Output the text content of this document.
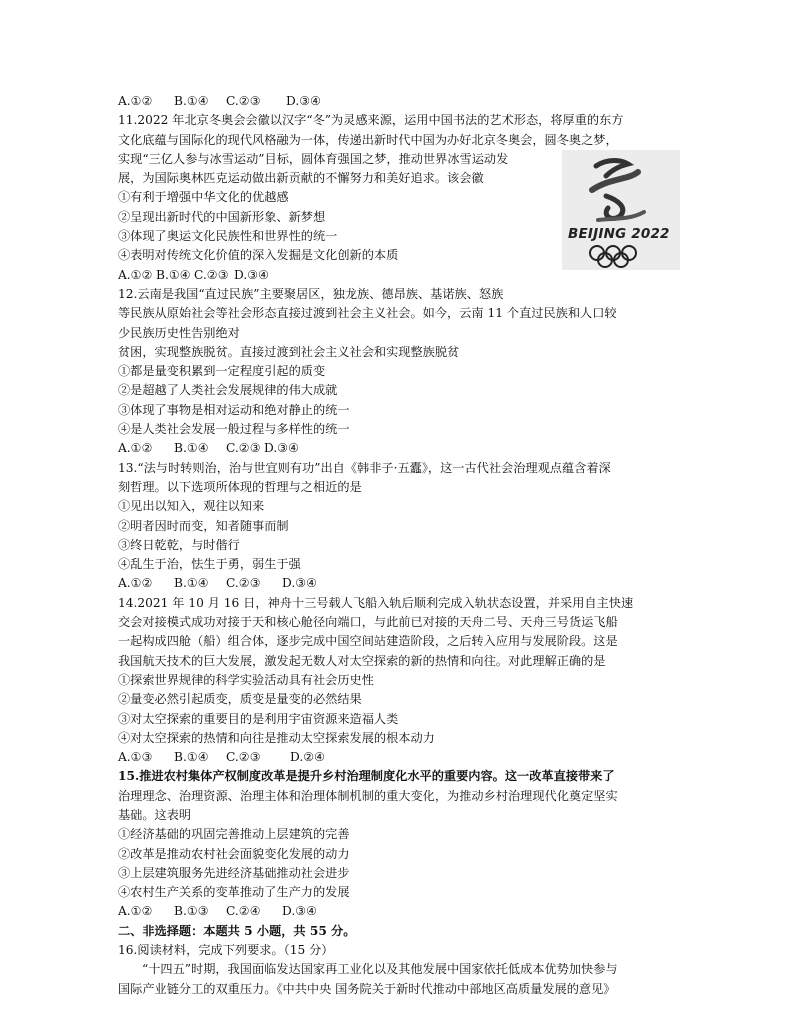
A.①② B.①④ C.②③ D.③④
11.2022 年北京冬奥会会徽以汉字“冬”为灵感来源，运用中国书法的艺术形态，将厚重的东方
文化底蕴与国际化的现代风格融为一体，传递出新时代中国为办好北京冬奥会，圆冬奥之梦，
实现“三亿人参与冰雪运动”目标，圆体育强国之梦，推动世界冰雪运动发
展，为国际奥林匹克运动做出新贡献的不懈努力和美好追求。该会徽
①有利于增强中华文化的优越感
②呈现出新时代的中国新形象、新梦想
③体现了奥运文化民族性和世界性的统一
④表明对传统文化价值的深入发掘是文化创新的本质
A.①② B.①④ C.②③ D.③④
12.云南是我国“直过民族”主要聚居区，独龙族、德昂族、基诺族、怒族
等民族从原始社会等社会形态直接过渡到社会主义社会。如今，云南 11 个直过民族和人口较
少民族历史性告别绝对
贫困，实现整族脱贫。直接过渡到社会主义社会和实现整族脱贫
①都是量变积累到一定程度引起的质变
②是超越了人类社会发展规律的伟大成就
③体现了事物是相对运动和绝对静止的统一
④是人类社会发展一般过程与多样性的统一
A.①② B.①④ C.②③ D.③④
13.“法与时转则治，治与世宜则有功”出自《韩非子·五蠹》，这一古代社会治理观点蕴含着深
刻哲理。以下选项所体现的哲理与之相近的是
①见出以知入，观往以知来
②明者因时而变，知者随事而制
③终日乾乾，与时偕行
④乱生于治，怯生于勇，弱生于强
A.①② B.①④ C.②③ D.③④
14.2021 年 10 月 16 日，神舟十三号载人飞船入轨后顺利完成入轨状态设置，并采用自主快速
交会对接模式成功对接于天和核心舱径向端口，与此前已对接的天舟二号、天舟三号货运飞船
一起构成四舱（船）组合体，逐步完成中国空间站建造阶段，之后转入应用与发展阶段。这是
我国航天技术的巨大发展，激发起无数人对太空探索的新的热情和向往。对此理解正确的是
①探索世界规律的科学实验活动具有社会历史性
②量变必然引起质变，质变是量变的必然结果
③对太空探索的重要目的是利用宇宙资源来造福人类
④对太空探索的热情和向往是推动太空探索发展的根本动力
A.①③ B.①④ C.②③ D.②④
15.推进农村集体产权制度改革是提升乡村治理制度化水平的重要内容。这一改革直接带来了
治理理念、治理资源、治理主体和治理体制机制的重大变化，为推动乡村治理现代化奠定坚实
基础。这表明
①经济基础的巩固完善推动上层建筑的完善
②改革是推动农村社会面貌变化发展的动力
③上层建筑服务先进经济基础推动社会进步
④农村生产关系的变革推动了生产力的发展
A.①② B.①③ C.②④ D.③④
二、非选择题：本题共 5 小题，共 55 分。
16.阅读材料，完成下列要求。（15 分）
“十四五”时期，我国面临发达国家再工业化以及其他发展中国家依托低成本优势加快参与
国际产业链分工的双重压力。《中共中央 国务院关于新时代推动中部地区高质量发展的意见》
BEIJING 2022
